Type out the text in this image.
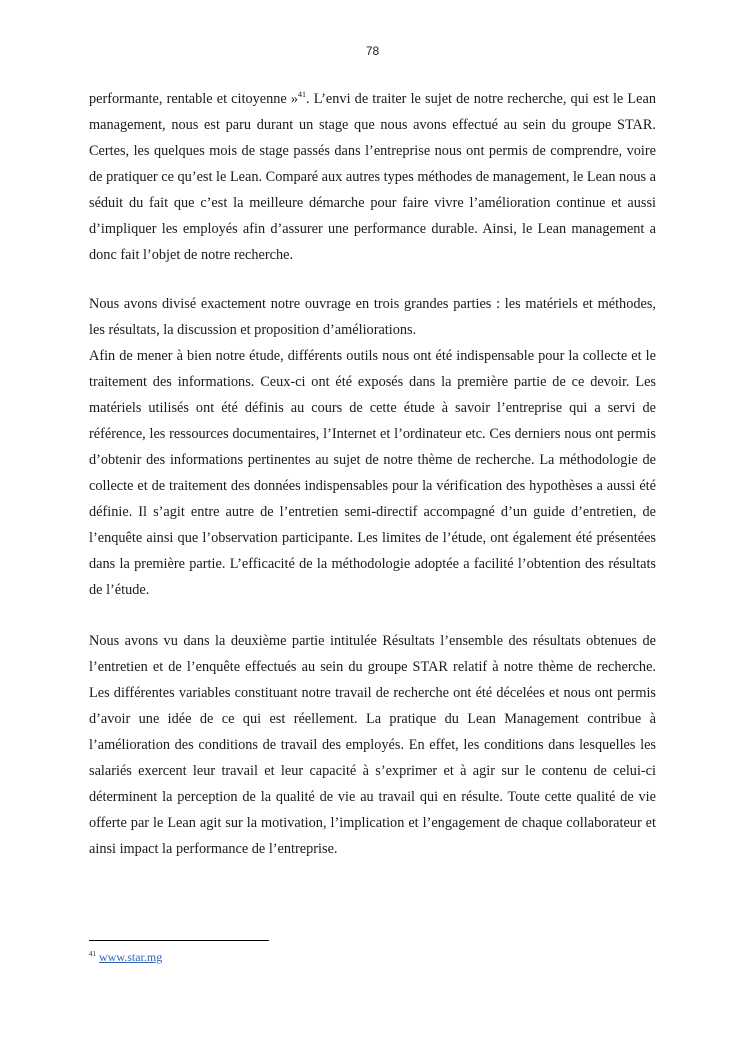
78

performante, rentable et citoyenne »$^{41}$. L’envi de traiter le sujet de notre recherche, qui est le Lean management, nous est paru durant un stage que nous avons effectué au sein du groupe STAR. Certes, les quelques mois de stage passés dans l’entreprise nous ont permis de comprendre, voire de pratiquer ce qu’est le Lean. Comparé aux autres types méthodes de management, le Lean nous a séduit du fait que c’est la meilleure démarche pour faire vivre l’amélioration continue et aussi d’impliquer les employés afin d’assurer une performance durable. Ainsi, le Lean management a donc fait l’objet de notre recherche.

Nous avons divisé exactement notre ouvrage en trois grandes parties : les matériels et méthodes, les résultats, la discussion et proposition d’améliorations.
Afin de mener à bien notre étude, différents outils nous ont été indispensable pour la collecte et le traitement des informations. Ceux-ci ont été exposés dans la première partie de ce devoir. Les matériels utilisés ont été définis au cours de cette étude à savoir l’entreprise qui a servi de référence, les ressources documentaires, l’Internet et l’ordinateur etc. Ces derniers nous ont permis d’obtenir des informations pertinentes au sujet de notre thème de recherche. La méthodologie de collecte et de traitement des données indispensables pour la vérification des hypothèses a aussi été définie. Il s’agit entre autre de l’entretien semi-directif accompagné d’un guide d’entretien, de l’enquête ainsi que l’observation participante. Les limites de l’étude, ont également été présentées dans la première partie. L’efficacité de la méthodologie adoptée a facilité l’obtention des résultats de l’étude.

Nous avons vu dans la deuxième partie intitulée Résultats l’ensemble des résultats obtenues de l’entretien et de l’enquête effectués au sein du groupe STAR relatif à notre thème de recherche. Les différentes variables constituant notre travail de recherche ont été décelées et nous ont permis d’avoir une idée de ce qui est réellement. La pratique du Lean Management contribue à l’amélioration des conditions de travail des employés. En effet, les conditions dans lesquelles les salariés exercent leur travail et leur capacité à s’exprimer et à agir sur le contenu de celui-ci déterminent la perception de la qualité de vie au travail qui en résulte. Toute cette qualité de vie offerte par le Lean agit sur la motivation, l’implication et l’engagement de chaque collaborateur et ainsi impact la performance de l’entreprise.

$^{41}$ www.star.mg
